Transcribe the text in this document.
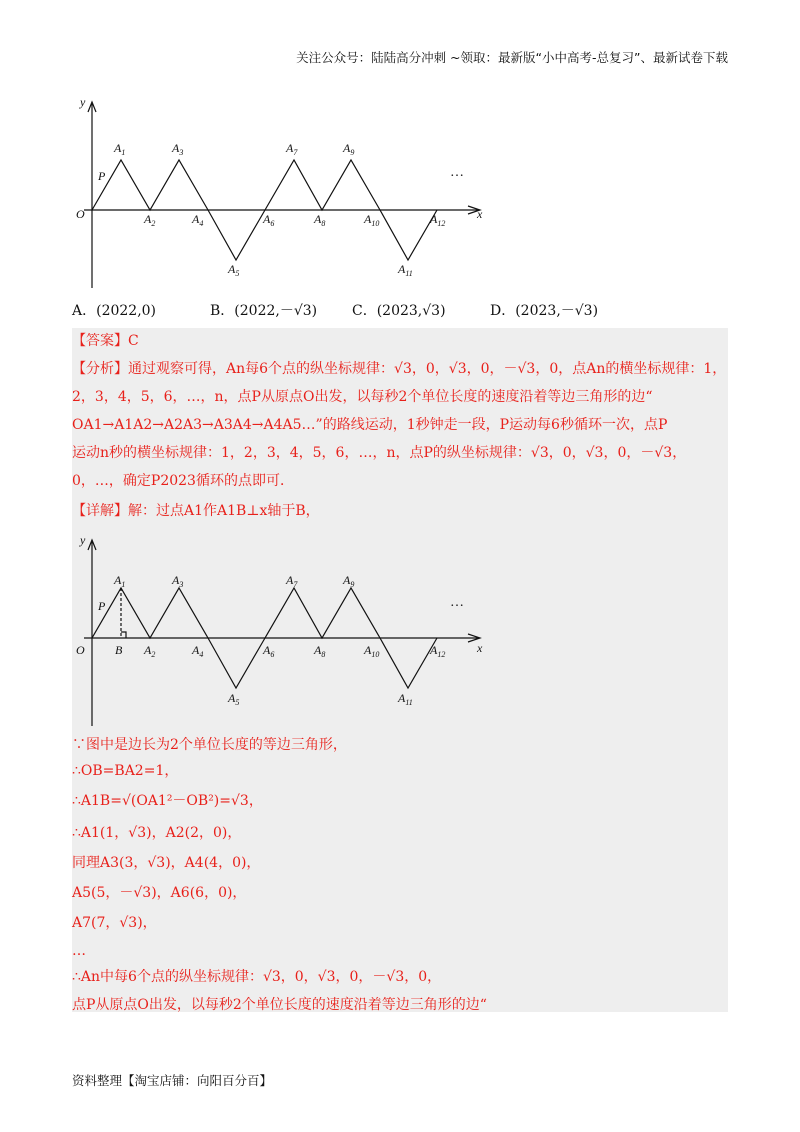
关注公众号：陆陆高分冲刺 ~领取：最新版“小中高考-总复习”、最新试卷下载
y
x
O
P
$A_1$
$A_2$
$A_3$
$A_4$
$A_5$
$A_6$
$A_7$
$A_8$
$A_9$
$A_{10}$
$A_{11}$
$A_{12}$
…
A．(2022,0)	B．(2022,－√3) C．(2023,√3)	D．(2023,－√3)
【答案】C
【分析】通过观察可得，An每6个点的纵坐标规律：√3，0，√3，0，－√3，0，点An的横坐标规律：1，
2，3，4，5，6，…，n，点P从原点O出发，以每秒2个单位长度的速度沿着等边三角形的边“
OA1→A1A2→A2A3→A3A4→A4A5…”的路线运动，1秒钟走一段，P运动每6秒循环一次，点P
运动n秒的横坐标规律：1，2，3，4，5，6，…，n，点P的纵坐标规律：√3，0，√3，0，－√3，
0，…，确定P2023循环的点即可．
【详解】解：过点A1作A1B⊥x轴于B，
y
x
O
P
B
$A_1$
$A_2$
$A_3$
$A_4$
$A_5$
$A_6$
$A_7$
$A_8$
$A_9$
$A_{10}$
$A_{11}$
$A_{12}$
…
∵图中是边长为2个单位长度的等边三角形，
∴OB=BA2=1，
∴A1B=√(OA1²－OB²)=√3，
∴A1(1，√3)，A2(2，0)，
同理A3(3，√3)，A4(4，0)，
A5(5，－√3)，A6(6，0)，
A7(7，√3)，
…
∴An中每6个点的纵坐标规律：√3，0，√3，0，－√3，0，
点P从原点O出发，以每秒2个单位长度的速度沿着等边三角形的边“
资料整理【淘宝店铺：向阳百分百】
